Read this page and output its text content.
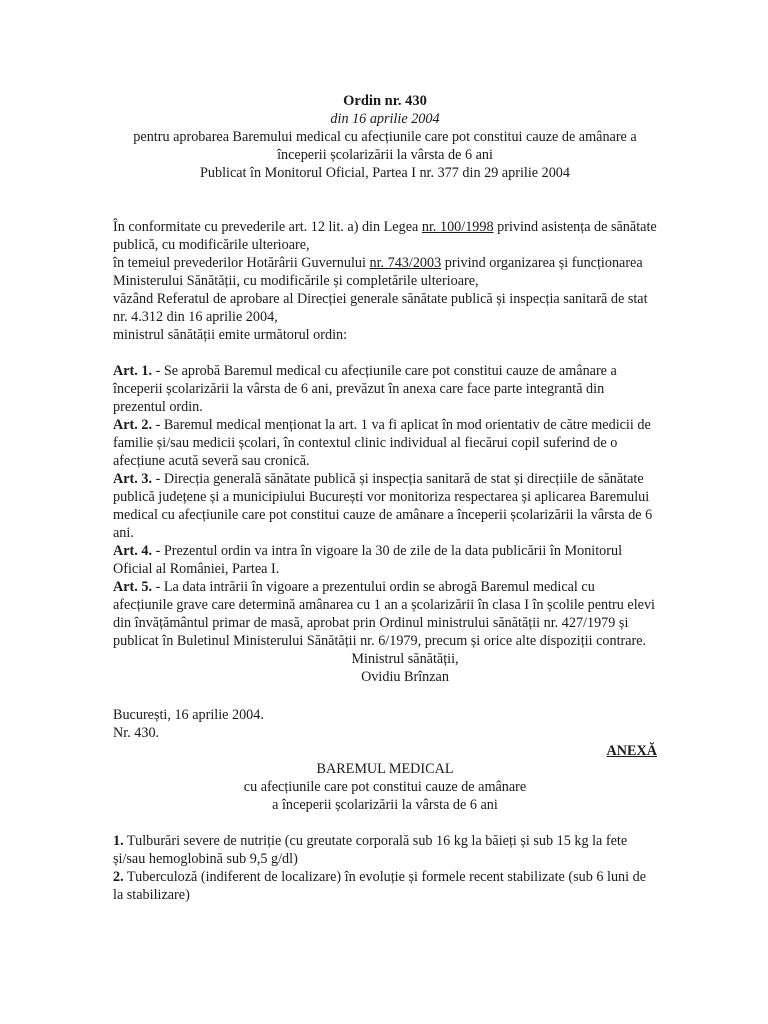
Ordin nr. 430
din 16 aprilie 2004
pentru aprobarea Baremului medical cu afecțiunile care pot constitui cauze de amânare a
începerii școlarizării la vârsta de 6 ani
Publicat în Monitorul Oficial, Partea I nr. 377 din 29 aprilie 2004

În conformitate cu prevederile art. 12 lit. a) din Legea nr. 100/1998 privind asistența de sănătate publică, cu modificările ulterioare,

în temeiul prevederilor Hotărârii Guvernului nr. 743/2003 privind organizarea și funcționarea Ministerului Sănătății, cu modificările și completările ulterioare,

văzând Referatul de aprobare al Direcției generale sănătate publică și inspecția sanitară de stat nr. 4.312 din 16 aprilie 2004,

ministrul sănătății emite următorul ordin:

Art. 1. - Se aprobă Baremul medical cu afecțiunile care pot constitui cauze de amânare a începerii școlarizării la vârsta de 6 ani, prevăzut în anexa care face parte integrantă din prezentul ordin.

Art. 2. - Baremul medical menționat la art. 1 va fi aplicat în mod orientativ de către medicii de familie și/sau medicii școlari, în contextul clinic individual al fiecărui copil suferind de o afecțiune acută severă sau cronică.

Art. 3. - Direcția generală sănătate publică și inspecția sanitară de stat și direcțiile de sănătate publică județene și a municipiului București vor monitoriza respectarea și aplicarea Baremului medical cu afecțiunile care pot constitui cauze de amânare a începerii școlarizării la vârsta de 6 ani.

Art. 4. - Prezentul ordin va intra în vigoare la 30 de zile de la data publicării în Monitorul Oficial al României, Partea I.

Art. 5. - La data intrării în vigoare a prezentului ordin se abrogă Baremul medical cu afecțiunile grave care determină amânarea cu 1 an a școlarizării în clasa I în școlile pentru elevi din învățământul primar de masă, aprobat prin Ordinul ministrului sănătății nr. 427/1979 și publicat în Buletinul Ministerului Sănătății nr. 6/1979, precum și orice alte dispoziții contrare.

Ministrul sănătății,
Ovidiu Brînzan
București, 16 aprilie 2004.
Nr. 430.
ANEXĂ
BAREMUL MEDICAL
cu afecțiunile care pot constitui cauze de amânare
a începerii școlarizării la vârsta de 6 ani

1. Tulburări severe de nutriție (cu greutate corporală sub 16 kg la băieți și sub 15 kg la fete și/sau hemoglobină sub 9,5 g/dl)

2. Tuberculoză (indiferent de localizare) în evoluție și formele recent stabilizate (sub 6 luni de la stabilizare)
